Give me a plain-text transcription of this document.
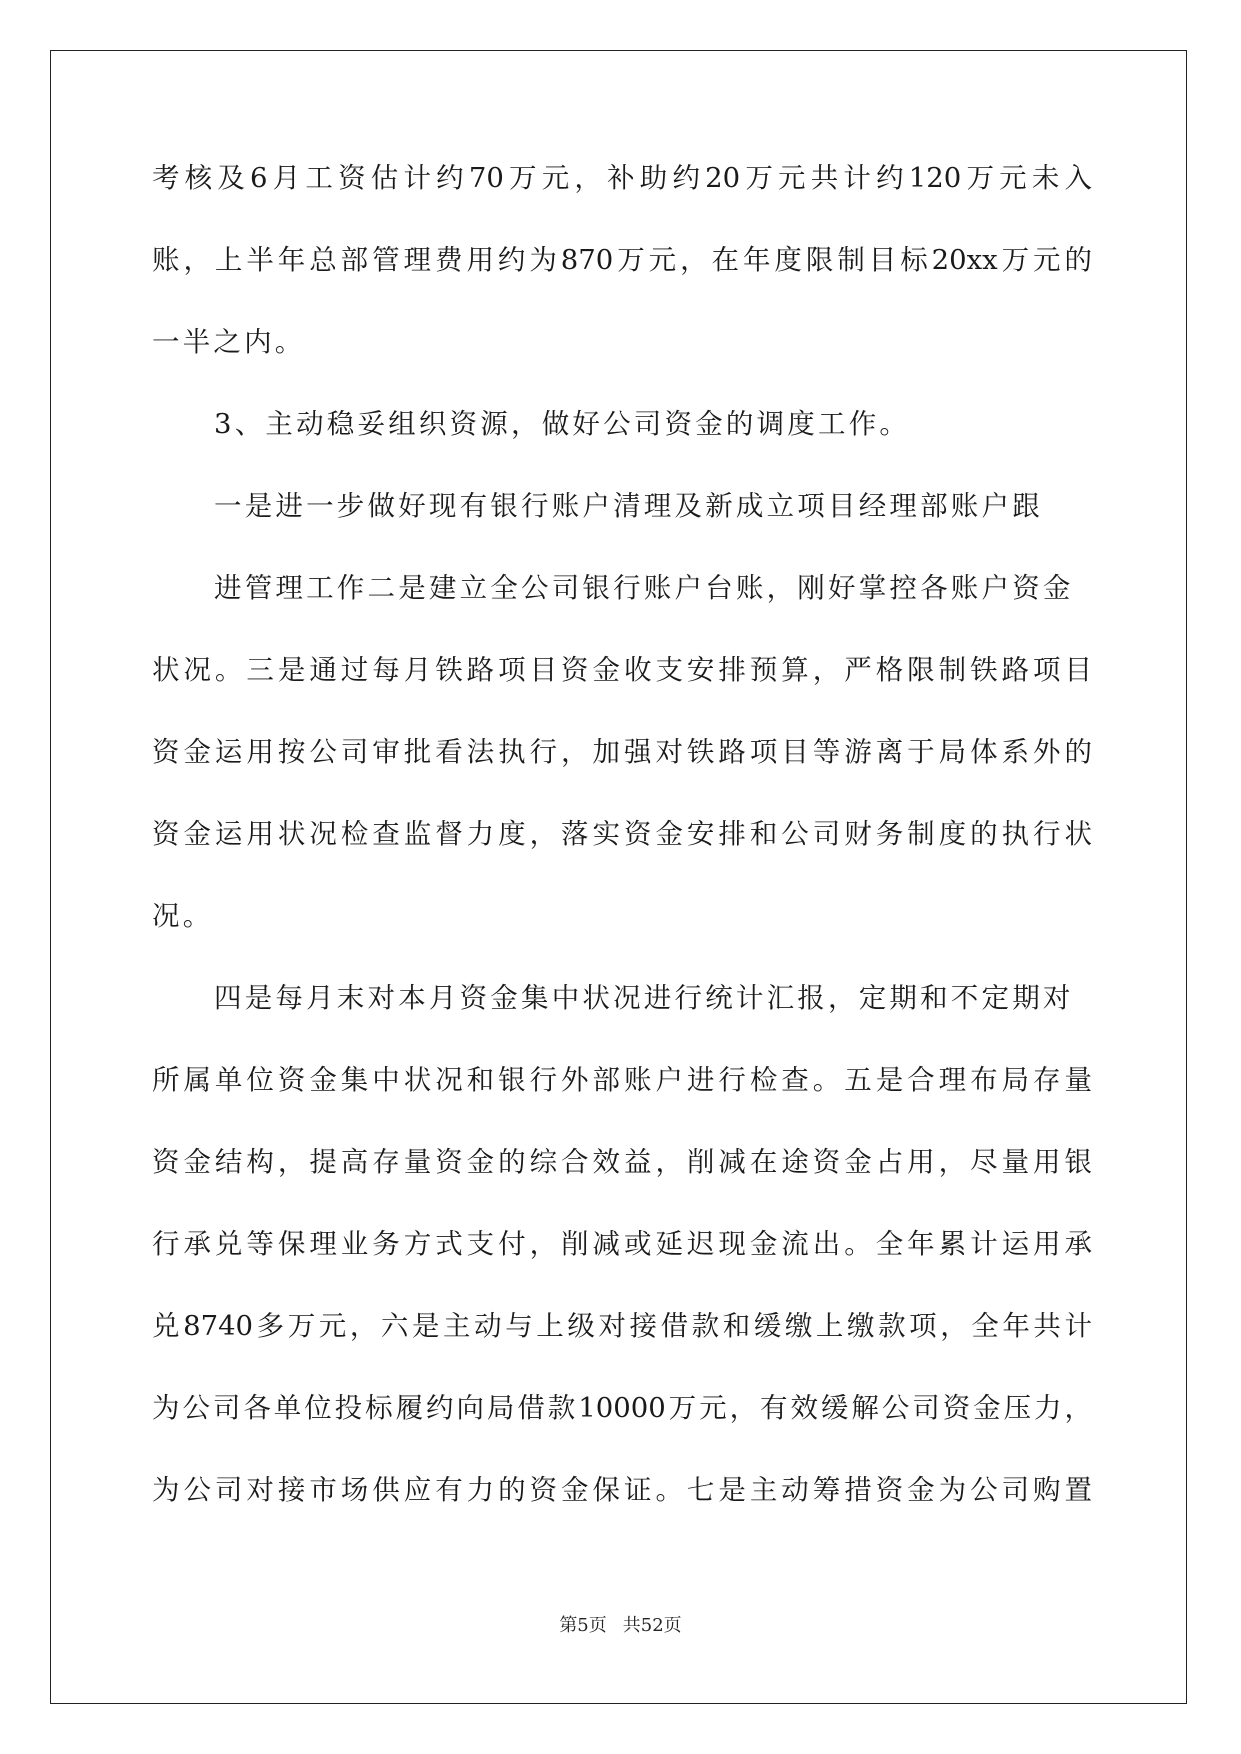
考核及6月工资估计约70万元，补助约20万元共计约120万元未入
账，上半年总部管理费用约为870万元，在年度限制目标20xx万元的
一半之内。
3、主动稳妥组织资源，做好公司资金的调度工作。
一是进一步做好现有银行账户清理及新成立项目经理部账户跟
进管理工作二是建立全公司银行账户台账，刚好掌控各账户资金
状况。三是通过每月铁路项目资金收支安排预算，严格限制铁路项目
资金运用按公司审批看法执行，加强对铁路项目等游离于局体系外的
资金运用状况检查监督力度，落实资金安排和公司财务制度的执行状
况。
四是每月末对本月资金集中状况进行统计汇报，定期和不定期对
所属单位资金集中状况和银行外部账户进行检查。五是合理布局存量
资金结构，提高存量资金的综合效益，削减在途资金占用，尽量用银
行承兑等保理业务方式支付，削减或延迟现金流出。全年累计运用承
兑8740多万元，六是主动与上级对接借款和缓缴上缴款项，全年共计
为公司各单位投标履约向局借款10000万元，有效缓解公司资金压力，
为公司对接市场供应有力的资金保证。七是主动筹措资金为公司购置
第5页 共52页
